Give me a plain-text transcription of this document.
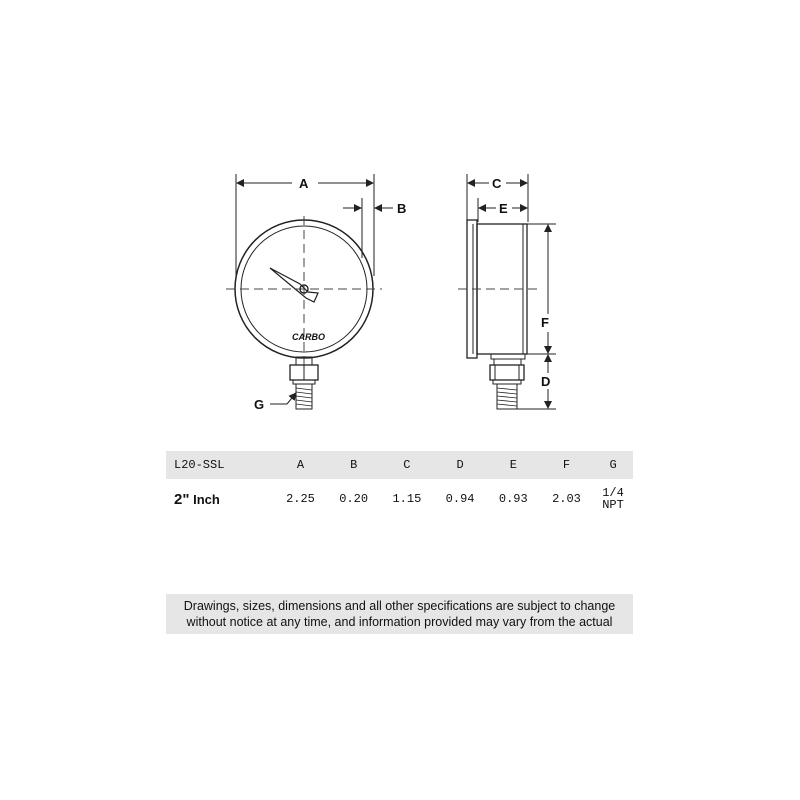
A
B
CARBO
G
C
E
F
D
L20-SSL	A	B	C	D	E	F	G
2" Inch	2.25	0.20	1.15	0.94	0.93	2.03	1/4
NPT
Drawings, sizes, dimensions and all other specifications are subject to change
without notice at any time, and information provided may vary from the actual
